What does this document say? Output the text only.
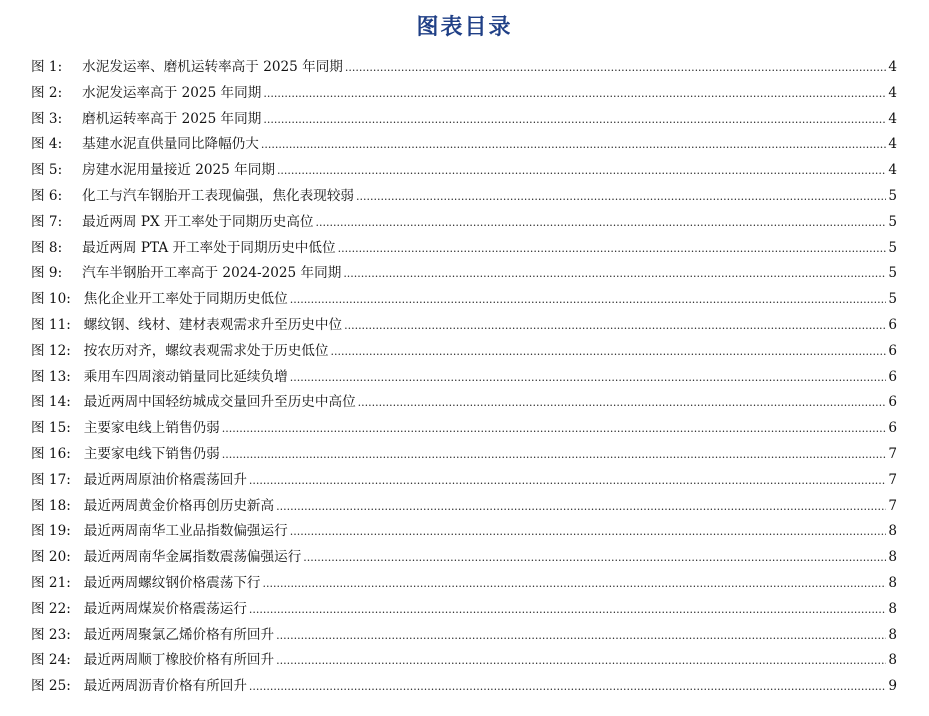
图表目录
图 1: 水泥发运率、磨机运转率高于 2025 年同期 .....	4
图 2: 水泥发运率高于 2025 年同期 .....	4
图 3: 磨机运转率高于 2025 年同期 .....	4
图 4: 基建水泥直供量同比降幅仍大 .....	4
图 5: 房建水泥用量接近 2025 年同期 .....	4
图 6: 化工与汽车钢胎开工表现偏强，焦化表现较弱 .....	5
图 7: 最近两周 PX 开工率处于同期历史高位 .....	5
图 8: 最近两周 PTA 开工率处于同期历史中低位 .....	5
图 9: 汽车半钢胎开工率高于 2024-2025 年同期 .....	5
图 10: 焦化企业开工率处于同期历史低位 .....	5
图 11: 螺纹钢、线材、建材表观需求升至历史中位 .....	6
图 12: 按农历对齐，螺纹表观需求处于历史低位 .....	6
图 13: 乘用车四周滚动销量同比延续负增 .....	6
图 14: 最近两周中国轻纺城成交量回升至历史中高位 .....	6
图 15: 主要家电线上销售仍弱 .....	6
图 16: 主要家电线下销售仍弱 .....	7
图 17: 最近两周原油价格震荡回升 .....	7
图 18: 最近两周黄金价格再创历史新高 .....	7
图 19: 最近两周南华工业品指数偏强运行 .....	8
图 20: 最近两周南华金属指数震荡偏强运行 .....	8
图 21: 最近两周螺纹钢价格震荡下行 .....	8
图 22: 最近两周煤炭价格震荡运行 .....	8
图 23: 最近两周聚氯乙烯价格有所回升 .....	8
图 24: 最近两周顺丁橡胶价格有所回升 .....	8
图 25: 最近两周沥青价格有所回升 .....	9
